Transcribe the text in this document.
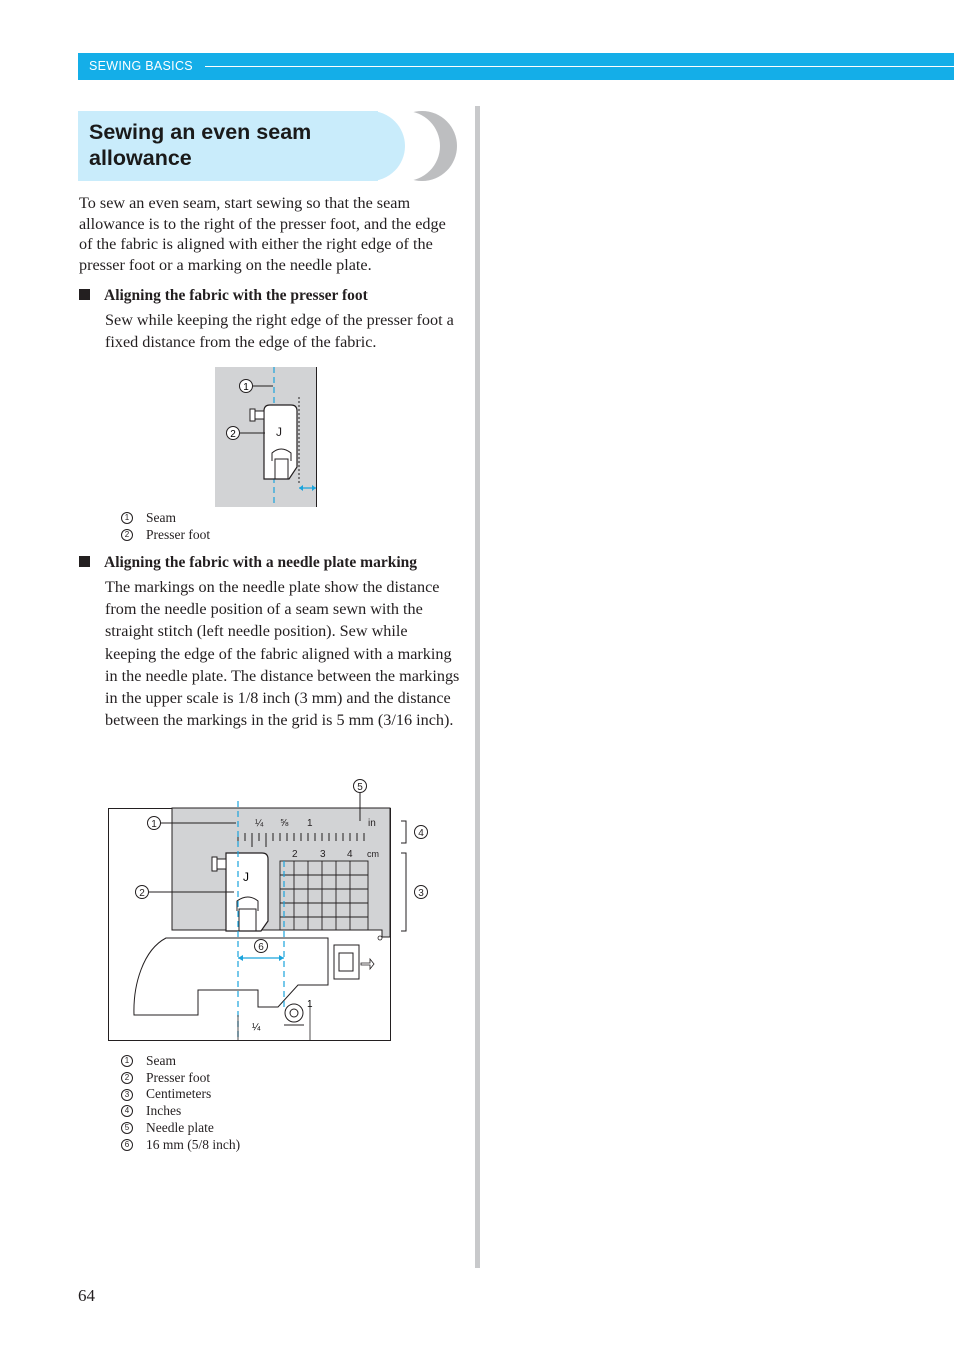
SEWING BASICS
Sewing an even seam
allowance

To sew an even seam, start sewing so that the seam allowance is to the right of the presser foot, and the edge of the fabric is aligned with either the right edge of the presser foot or a marking on the needle plate.

Aligning the fabric with the presser foot

Sew while keeping the right edge of the presser foot a fixed distance from the edge of the fabric.

J
1
2
1 Seam
2 Presser foot
Aligning the fabric with a needle plate marking

The markings on the needle plate show the distance from the needle position of a seam sewn with the straight stitch (left needle position). Sew while keeping the edge of the fabric aligned with a marking in the needle plate. The distance between the markings in the upper scale is 1/8 inch (3 mm) and the distance between the markings in the grid is 5 mm (3/16 inch).

¼ ⅝ 1	in
2 3 4 cm
J
¼
1
1
2	3
4
5
6
1 Seam
2 Presser foot
3 Centimeters
4 Inches
5 Needle plate
6 16 mm (5/8 inch)
64
